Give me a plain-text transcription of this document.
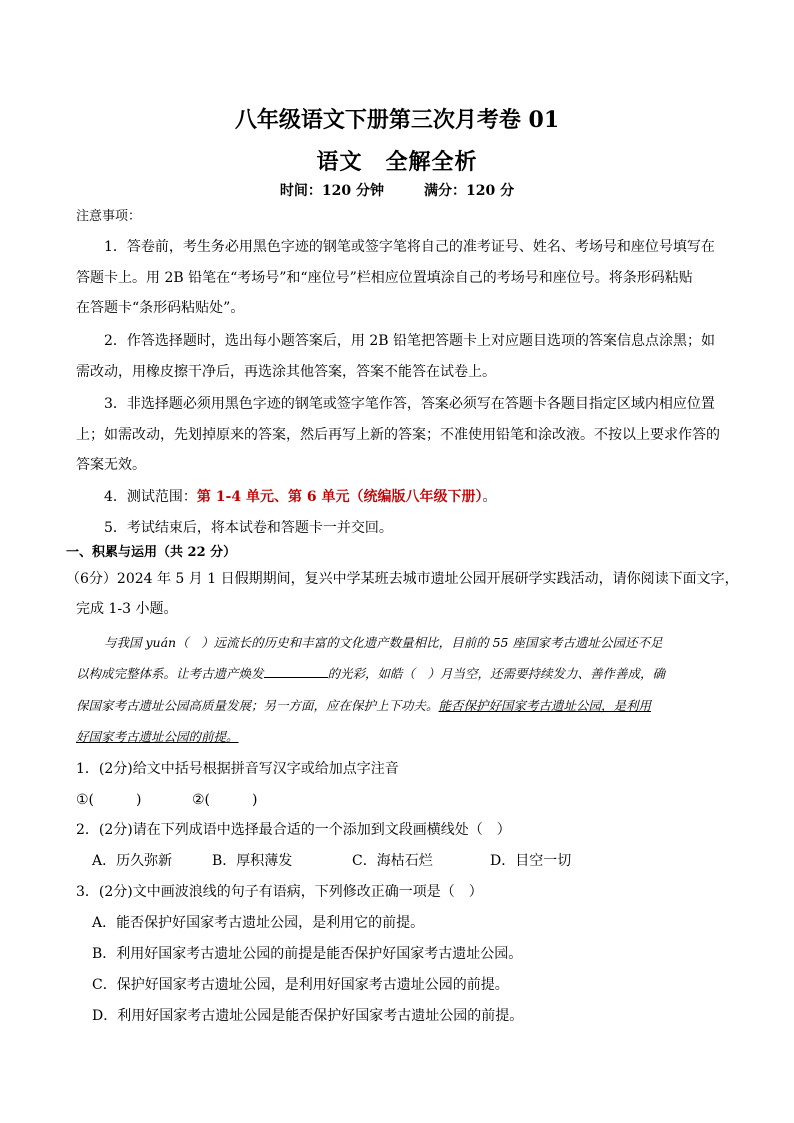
八年级语文下册第三次月考卷 01
语文　全解全析
时间：120 分钟	满分：120 分
注意事项：
1．答卷前，考生务必用黑色字迹的钢笔或签字笔将自己的准考证号、姓名、考场号和座位号填写在
答题卡上。用 2B 铅笔在“考场号”和“座位号”栏相应位置填涂自己的考场号和座位号。将条形码粘贴
在答题卡“条形码粘贴处”。
2．作答选择题时，选出每小题答案后，用 2B 铅笔把答题卡上对应题目选项的答案信息点涂黑；如
需改动，用橡皮擦干净后，再选涂其他答案，答案不能答在试卷上。
3．非选择题必须用黑色字迹的钢笔或签字笔作答，答案必须写在答题卡各题目指定区域内相应位置
上；如需改动，先划掉原来的答案，然后再写上新的答案；不准使用铅笔和涂改液。不按以上要求作答的
答案无效。
4．测试范围：第 1-4 单元、第 6 单元（统编版八年级下册）。
5．考试结束后，将本试卷和答题卡一并交回。
一、积累与运用（共 22 分）
（6分）2024 年 5 月 1 日假期期间，复兴中学某班去城市遗址公园开展研学实践活动，请你阅读下面文字，
完成 1-3 小题。
与我国 yuán（　）远流长的历史和丰富的文化遗产数量相比，目前的 55 座国家考古遗址公园还不足
以构成完整体系。让考古遗产焕发	的光彩，如皓（　）月当空，还需要持续发力、善作善成，确
保国家考古遗址公园高质量发展；另一方面，应在保护上下功夫。能否保护好国家考古遗址公园，是利用
好国家考古遗址公园的前提。
1．(2分)给文中括号根据拼音写汉字或给加点字注音
①(　　　)	②(　　　)
2．(2分)请在下列成语中选择最合适的一个添加到文段画横线处（　）
A．历久弥新	B．厚积薄发	C．海枯石烂	D．目空一切
3．(2分)文中画波浪线的句子有语病，下列修改正确一项是（　）
A．能否保护好国家考古遗址公园，是利用它的前提。
B．利用好国家考古遗址公园的前提是能否保护好国家考古遗址公园。
C．保护好国家考古遗址公园，是利用好国家考古遗址公园的前提。
D．利用好国家考古遗址公园是能否保护好国家考古遗址公园的前提。
